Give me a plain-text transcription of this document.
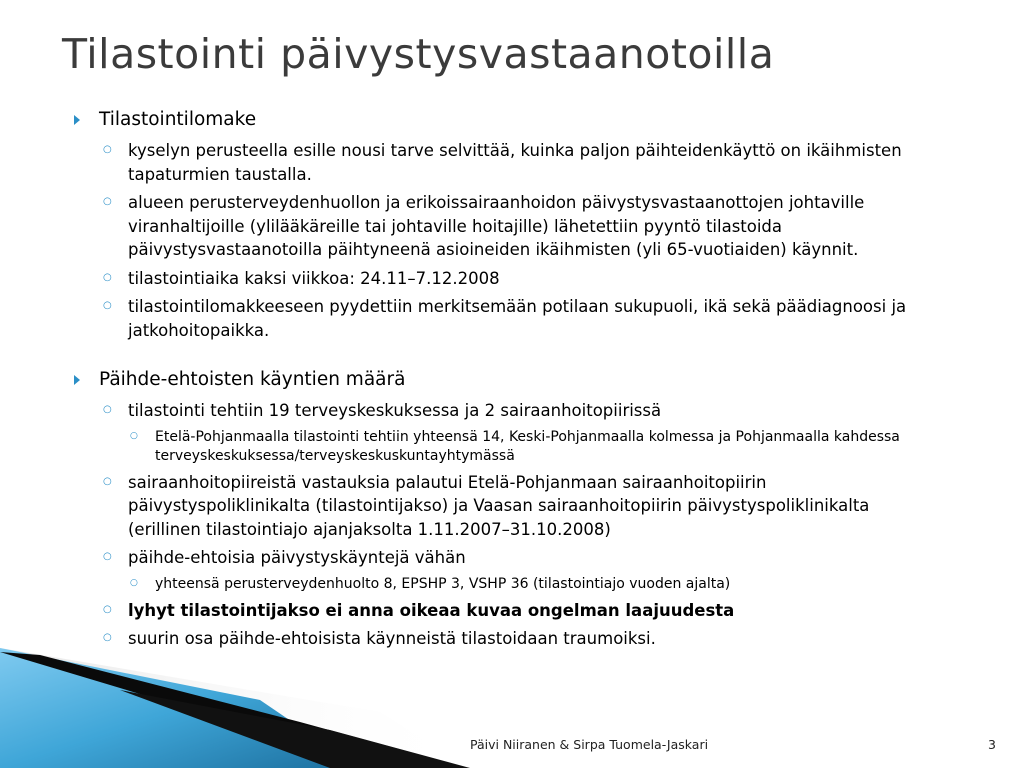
Tilastointi päivystysvastaanotoilla
Tilastointilomake
○ kyselyn perusteella esille nousi tarve selvittää, kuinka paljon päihteidenkäyttö on ikäihmisten tapaturmien taustalla.
○ alueen perusterveydenhuollon ja erikoissairaanhoidon päivystysvastaanottojen johtaville viranhaltijoille (ylilääkäreille tai johtaville hoitajille) lähetettiin pyyntö tilastoida päivystysvastaanotoilla päihtyneenä asioineiden ikäihmisten (yli 65-vuotiaiden) käynnit.
○ tilastointiaika kaksi viikkoa: 24.11–7.12.2008
○ tilastointilomakkeeseen pyydettiin merkitsemään potilaan sukupuoli, ikä sekä päädiagnoosi ja jatkohoitopaikka.
Päihde-ehtoisten käyntien määrä
○ tilastointi tehtiin 19 terveyskeskuksessa ja 2 sairaanhoitopiirissä
○ Etelä-Pohjanmaalla tilastointi tehtiin yhteensä 14, Keski-Pohjanmaalla kolmessa ja Pohjanmaalla kahdessa terveyskeskuksessa/terveyskeskuskuntayhtymässä
○ sairaanhoitopiireistä vastauksia palautui Etelä-Pohjanmaan sairaanhoitopiirin päivystyspoliklinikalta (tilastointijakso) ja Vaasan sairaanhoitopiirin päivystyspoliklinikalta (erillinen tilastointiajo ajanjaksolta 1.11.2007–31.10.2008)
○ päihde-ehtoisia päivystyskäyntejä vähän
○ yhteensä perusterveydenhuolto 8, EPSHP 3, VSHP 36 (tilastointiajo vuoden ajalta)
○ lyhyt tilastointijakso ei anna oikeaa kuvaa ongelman laajuudesta
○ suurin osa päihde-ehtoisista käynneistä tilastoidaan traumoiksi.
Päivi Niiranen & Sirpa Tuomela-Jaskari	3
